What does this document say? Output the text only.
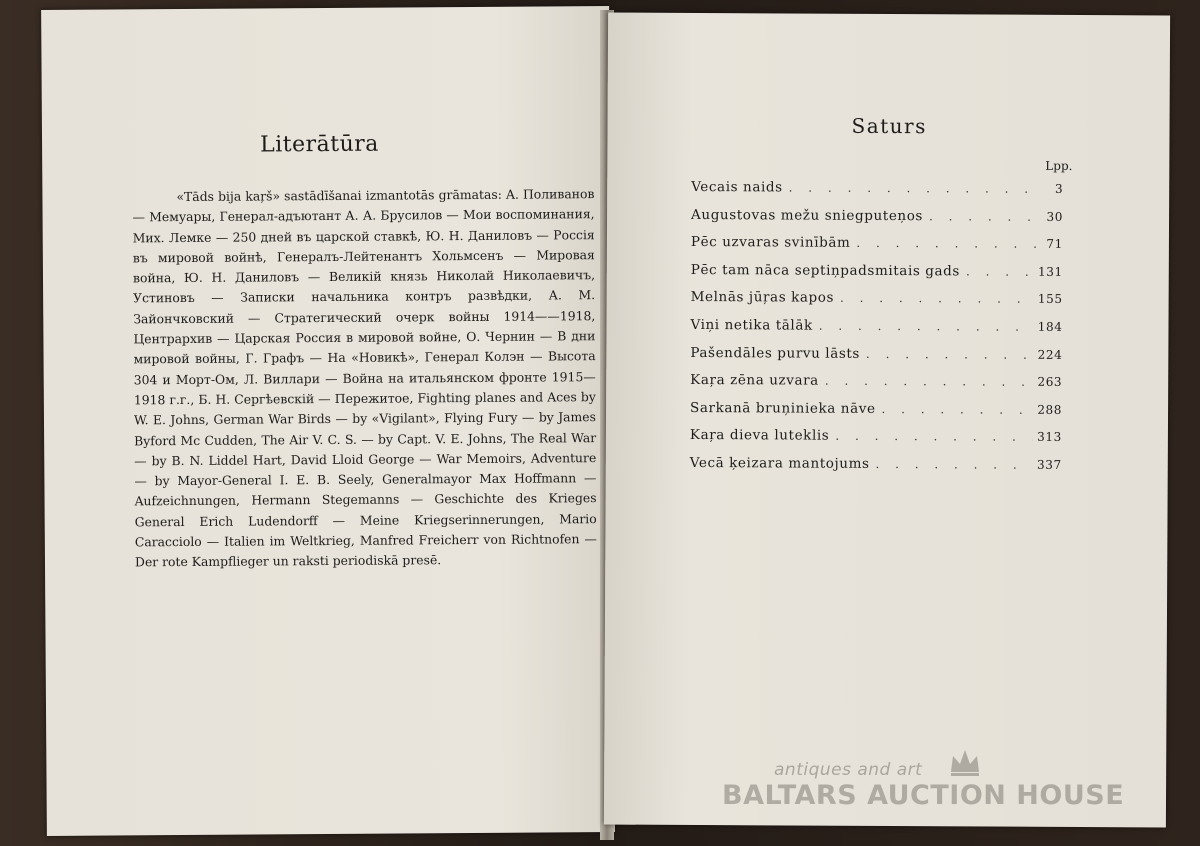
Literātūra

«Tāds bija kaŗš» sastādīšanai izmantotās grāmatas: A. Поливанов — Мемуары, Генерал-адъютант А. А. Брусилов — Мои воспоминания, Мих. Лемке — 250 дней въ царской ставкѣ, Ю. Н. Даниловъ — Россія въ мировой войнѣ, Генералъ-Лейтенантъ Хольмсенъ — Мировая война, Ю. Н. Даниловъ — Великій князь Николай Николаевичъ, Устиновъ — Записки начальника контръ развѣдки, А. М. Зайончковский — Стратегический очерк войны 1914——1918, Центрархив — Царская Россия в мировой войне, О. Чернин — В дни мировой войны, Г. Графъ — На «Новикѣ», Генерал Колэн — Высота 304 и Морт-Ом, Л. Виллари — Война на итальянском фронте 1915—1918 г.г., Б. Н. Сергѣевскій — Пережитое, Fighting planes and Aces by W. E. Johns, German War Birds — by «Vigilant», Flying Fury — by James Byford Mc Cudden, The Air V. C. S. — by Capt. V. E. Johns, The Real War — by B. N. Liddel Hart, David Lloid George — War Memoirs, Adventure — by Mayor-General I. E. B. Seely, Generalmayor Max Hoffmann — Aufzeichnungen, Hermann Stegemanns — Geschichte des Krieges General Erich Ludendorff — Meine Kriegserinnerungen, Mario Caracciolo — Italien im Weltkrieg, Manfred Freicherr von Richtnofen — Der rote Kampflieger un raksti periodiskā presē.

Saturs
Lpp.
Vecais naids . . .	3
Augustovas mežu sniegputeņos . . .	30
Pēc uzvaras svinībām . . .	71
Pēc tam nāca septiņpadsmitais gads . . .	131
Melnās jūŗas kapos . . .	155
Viņi netika tālāk . . .	184
Pašendāles purvu lāsts . . .	224
Kaŗa zēna uzvara . . .	263
Sarkanā bruņinieka nāve . . .	288
Kaŗa dieva luteklis . . .	313
Vecā ķeizara mantojums . . .	337
antiques and art
BALTARS AUCTION HOUSE
